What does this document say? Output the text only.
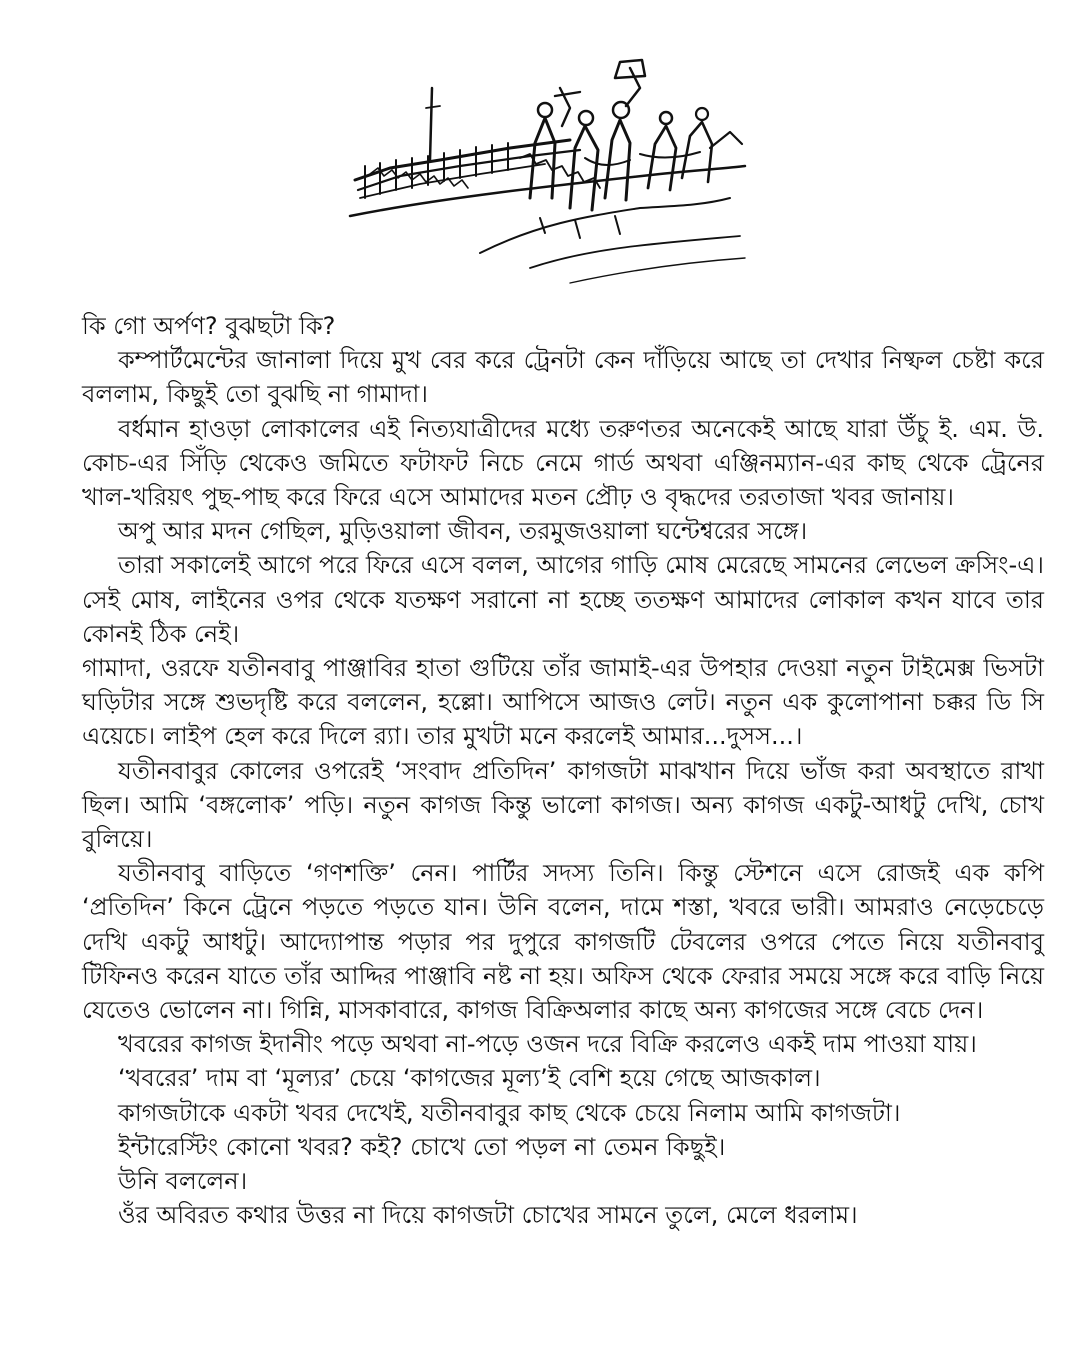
কি গো অর্পণ? বুঝছটা কি?

কম্পার্টমেন্টের জানালা দিয়ে মুখ বের করে ট্রেনটা কেন দাঁড়িয়ে আছে তা দেখার নিষ্ফল চেষ্টা করে বললাম, কিছুই তো বুঝছি না গামাদা।

বর্ধমান হাওড়া লোকালের এই নিত্যযাত্রীদের মধ্যে তরুণতর অনেকেই আছে যারা উঁচু ই. এম. উ. কোচ-এর সিঁড়ি থেকেও জমিতে ফটাফট নিচে নেমে গার্ড অথবা এঞ্জিনম্যান-এর কাছ থেকে ট্রেনের খাল-খরিয়ৎ পুছ-পাছ করে ফিরে এসে আমাদের মতন প্রৌঢ় ও বৃদ্ধদের তরতাজা খবর জানায়।

অপু আর মদন গেছিল, মুড়িওয়ালা জীবন, তরমুজওয়ালা ঘন্টেশ্বরের সঙ্গে।

তারা সকালেই আগে পরে ফিরে এসে বলল, আগের গাড়ি মোষ মেরেছে সামনের লেভেল ক্রসিং-এ। সেই মোষ, লাইনের ওপর থেকে যতক্ষণ সরানো না হচ্ছে ততক্ষণ আমাদের লোকাল কখন যাবে তার কোনই ঠিক নেই।

গামাদা, ওরফে যতীনবাবু পাঞ্জাবির হাতা গুটিয়ে তাঁর জামাই-এর উপহার দেওয়া নতুন টাইমেক্স ভিসটা ঘড়িটার সঙ্গে শুভদৃষ্টি করে বললেন, হল্লো। আপিসে আজও লেট। নতুন এক কুলোপানা চক্কর ডি সি এয়েচে। লাইপ হেল করে দিলে র‍্যা। তার মুখটা মনে করলেই আমার...দুসস...।

যতীনবাবুর কোলের ওপরেই ‘সংবাদ প্রতিদিন’ কাগজটা মাঝখান দিয়ে ভাঁজ করা অবস্থাতে রাখা ছিল। আমি ‘বঙ্গলোক’ পড়ি। নতুন কাগজ কিন্তু ভালো কাগজ। অন্য কাগজ একটু-আধটু দেখি, চোখ বুলিয়ে।

যতীনবাবু বাড়িতে ‘গণশক্তি’ নেন। পার্টির সদস্য তিনি। কিন্তু স্টেশনে এসে রোজই এক কপি ‘প্রতিদিন’ কিনে ট্রেনে পড়তে পড়তে যান। উনি বলেন, দামে শস্তা, খবরে ভারী। আমরাও নেড়েচেড়ে দেখি একটু আধটু। আদ্যোপান্ত পড়ার পর দুপুরে কাগজটি টেবলের ওপরে পেতে নিয়ে যতীনবাবু টিফিনও করেন যাতে তাঁর আদ্দির পাঞ্জাবি নষ্ট না হয়। অফিস থেকে ফেরার সময়ে সঙ্গে করে বাড়ি নিয়ে যেতেও ভোলেন না। গিন্নি, মাসকাবারে, কাগজ বিক্রিঅলার কাছে অন্য কাগজের সঙ্গে বেচে দেন।

খবরের কাগজ ইদানীং পড়ে অথবা না-পড়ে ওজন দরে বিক্রি করলেও একই দাম পাওয়া যায়।

‘খবরের’ দাম বা ‘মূল্যর’ চেয়ে ‘কাগজের মূল্য’ই বেশি হয়ে গেছে আজকাল।

কাগজটাকে একটা খবর দেখেই, যতীনবাবুর কাছ থেকে চেয়ে নিলাম আমি কাগজটা।

ইন্টারেস্টিং কোনো খবর? কই? চোখে তো পড়ল না তেমন কিছুই।

উনি বললেন।

ওঁর অবিরত কথার উত্তর না দিয়ে কাগজটা চোখের সামনে তুলে, মেলে ধরলাম।
